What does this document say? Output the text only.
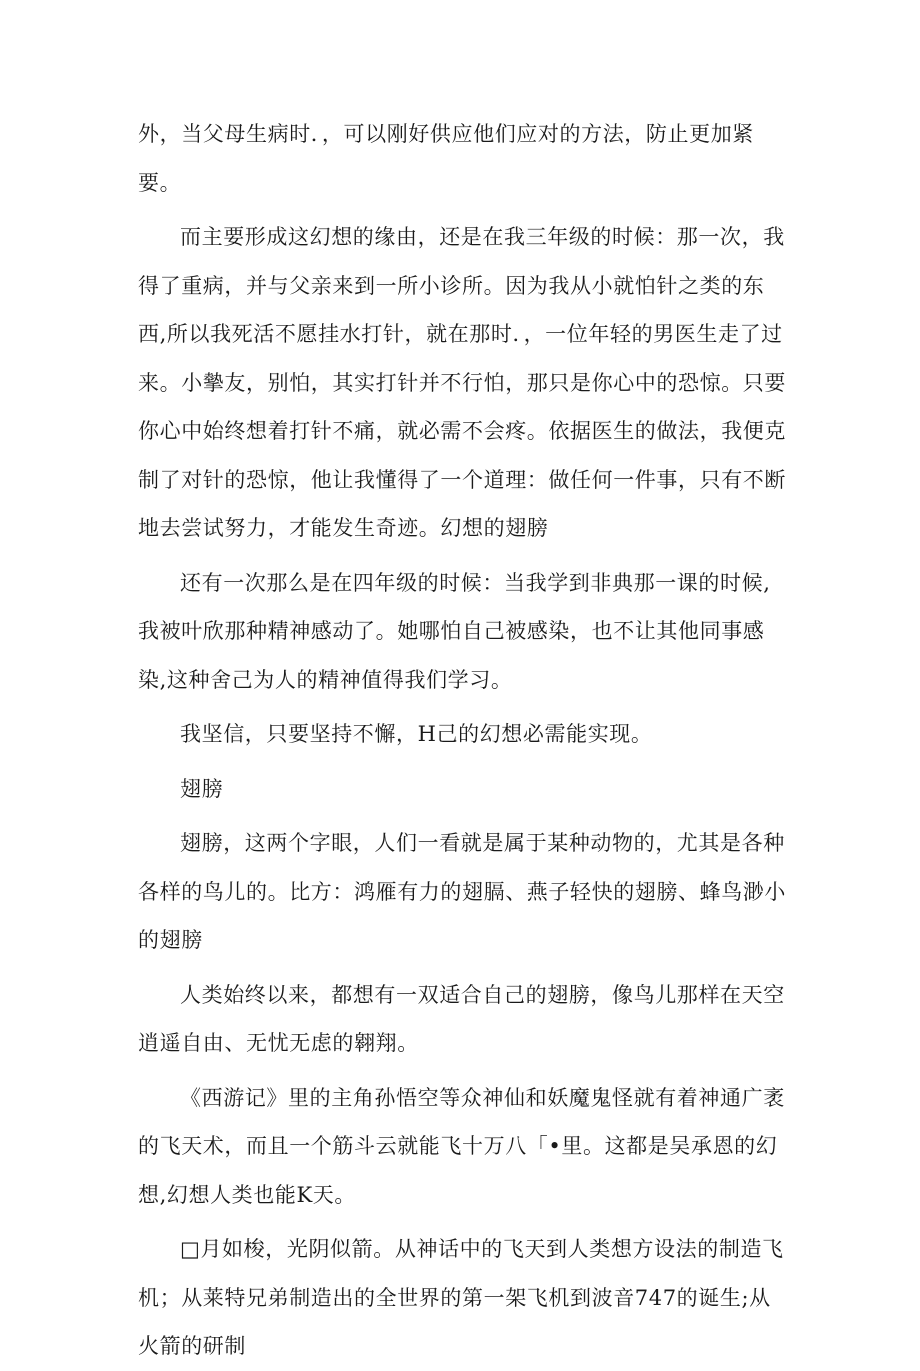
外，当父母生病时．，可以刚好供应他们应对的方法，防止更加紧要。

而主要形成这幻想的缘由，还是在我三年级的时候：那一次，我得了重病，并与父亲来到一所小诊所。因为我从小就怕针之类的东西,所以我死活不愿挂水打针，就在那时．，一位年轻的男医生走了过来。小摰友，别怕，其实打针并不行怕，那只是你心中的恐惊。只要你心中始终想着打针不痛，就必需不会疼。依据医生的做法，我便克制了对针的恐惊，他让我懂得了一个道理：做任何一件事，只有不断地去尝试努力，才能发生奇迹。幻想的翅膀

还有一次那么是在四年级的时候：当我学到非典那一课的时候,我被叶欣那种精神感动了。她哪怕自己被感染，也不让其他同事感染,这种舍己为人的精神值得我们学习。

我坚信，只要坚持不懈，H己的幻想必需能实现。

翅膀

翅膀，这两个字眼，人们一看就是属于某种动物的，尤其是各种各样的鸟儿的。比方：鸿雁有力的翅膈、燕子轻快的翅膀、蜂鸟渺小的翅膀

人类始终以来，都想有一双适合自己的翅膀，像鸟儿那样在天空逍遥自由、无忧无虑的翱翔。

《西游记》里的主角孙悟空等众神仙和妖魔鬼怪就有着神通广袤的飞天术，而且一个筋斗云就能飞十万八「•里。这都是吴承恩的幻想,幻想人类也能K天。

□月如梭，光阴似箭。从神话中的飞天到人类想方设法的制造飞机；从莱特兄弟制造出的全世界的第一架飞机到波音747的诞生;从火箭的研制
